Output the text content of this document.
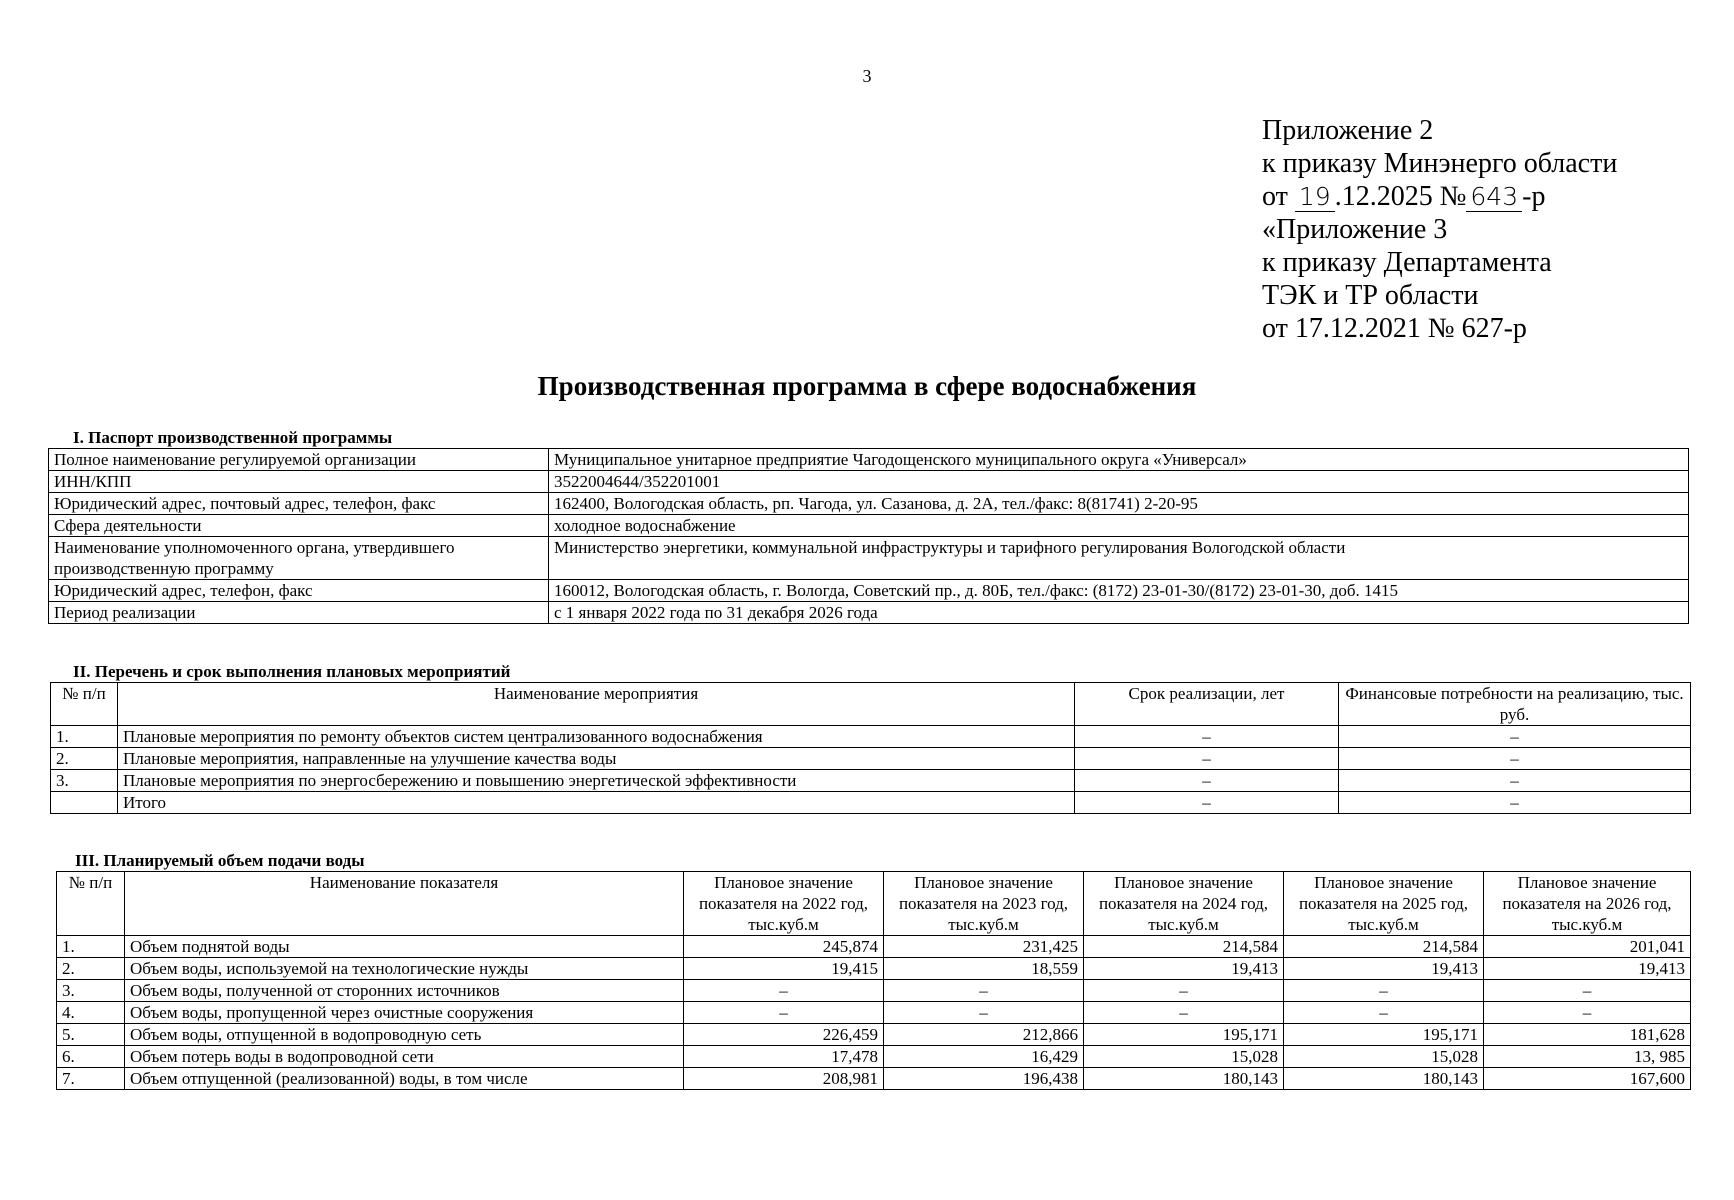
3
Приложение 2
к приказу Минэнерго области
от 19 .12.2025 № 643 -р
«Приложение 3
к приказу Департамента
ТЭК и ТР области
от 17.12.2021 № 627-р
Производственная программа в сфере водоснабжения
I. Паспорт производственной программы
Полное наименование регулируемой организации	Муниципальное унитарное предприятие Чагодощенского муниципального округа «Универсал»
ИНН/КПП	3522004644/352201001
Юридический адрес, почтовый адрес, телефон, факс	162400, Вологодская область, рп. Чагода, ул. Сазанова, д. 2А, тел./факс: 8(81741) 2-20-95
Сфера деятельности	холодное водоснабжение
Наименование уполномоченного органа, утвердившего производственную программу	Министерство энергетики, коммунальной инфраструктуры и тарифного регулирования Вологодской области
Юридический адрес, телефон, факс	160012, Вологодская область, г. Вологда, Советский пр., д. 80Б, тел./факс: (8172) 23-01-30/(8172) 23-01-30, доб. 1415
Период реализации	с 1 января 2022 года по 31 декабря 2026 года
II. Перечень и срок выполнения плановых мероприятий
№ п/п	Наименование мероприятия	Срок реализации, лет	Финансовые потребности на реализацию, тыс. руб.
1.	Плановые мероприятия по ремонту объектов систем централизованного водоснабжения	–	–
2.	Плановые мероприятия, направленные на улучшение качества воды	–	–
3.	Плановые мероприятия по энергосбережению и повышению энергетической эффективности	–	–
	Итого	–	–
III. Планируемый объем подачи воды
№ п/п	Наименование показателя	Плановое значение показателя на 2022 год, тыс.куб.м	Плановое значение показателя на 2023 год, тыс.куб.м	Плановое значение показателя на 2024 год, тыс.куб.м	Плановое значение показателя на 2025 год, тыс.куб.м	Плановое значение показателя на 2026 год, тыс.куб.м
1.	Объем поднятой воды	245,874	231,425	214,584	214,584	201,041
2.	Объем воды, используемой на технологические нужды	19,415	18,559	19,413	19,413	19,413
3.	Объем воды, полученной от сторонних источников	–	–	–	–	–
4.	Объем воды, пропущенной через очистные сооружения	–	–	–	–	–
5.	Объем воды, отпущенной в водопроводную сеть	226,459	212,866	195,171	195,171	181,628
6.	Объем потерь воды в водопроводной сети	17,478	16,429	15,028	15,028	13, 985
7.	Объем отпущенной (реализованной) воды, в том числе	208,981	196,438	180,143	180,143	167,600
